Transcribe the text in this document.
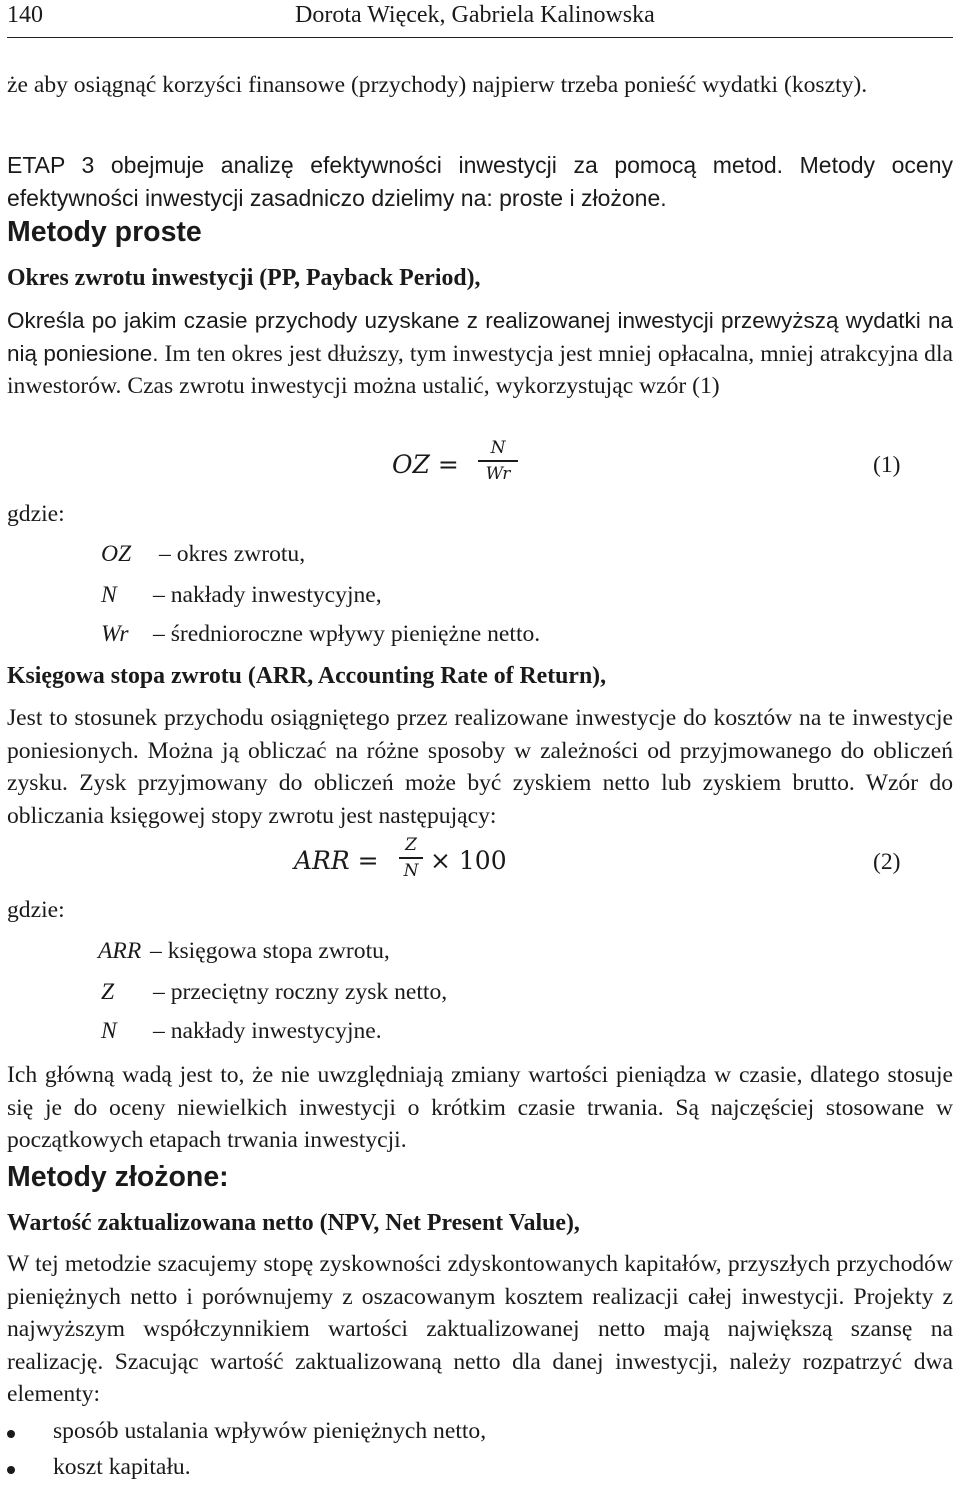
140	Dorota Więcek, Gabriela Kalinowska

że aby osiągnąć korzyści finansowe (przychody) najpierw trzeba ponieść wydatki (koszty).

ETAP 3 obejmuje analizę efektywności inwestycji za pomocą metod. Metody oceny efektywności inwestycji zasadniczo dzielimy na: proste i złożone.

Metody proste
Okres zwrotu inwestycji (PP, Payback Period),

Określa po jakim czasie przychody uzyskane z realizowanej inwestycji przewyższą wydatki na nią poniesione. Im ten okres jest dłuższy, tym inwestycja jest mniej opłacalna, mniej atrakcyjna dla inwestorów. Czas zwrotu inwestycji można ustalić, wykorzystując wzór (1)

OZ =
N
Wr	(1)
gdzie:
OZ – okres zwrotu,
N – nakłady inwestycyjne,
Wr – średnioroczne wpływy pieniężne netto.
Księgowa stopa zwrotu (ARR, Accounting Rate of Return),

Jest to stosunek przychodu osiągniętego przez realizowane inwestycje do kosztów na te inwestycje poniesionych. Można ją obliczać na różne sposoby w zależności od przyjmowanego do obliczeń zysku. Zysk przyjmowany do obliczeń może być zyskiem netto lub zyskiem brutto. Wzór do obliczania księgowej stopy zwrotu jest następujący:

ARR =
Z
N × 100	(2)
gdzie:
ARR – księgowa stopa zwrotu,
Z – przeciętny roczny zysk netto,
N – nakłady inwestycyjne.

Ich główną wadą jest to, że nie uwzględniają zmiany wartości pieniądza w czasie, dlatego stosuje się je do oceny niewielkich inwestycji o krótkim czasie trwania. Są najczęściej stosowane w początkowych etapach trwania inwestycji.

Metody złożone:
Wartość zaktualizowana netto (NPV, Net Present Value),

W tej metodzie szacujemy stopę zyskowności zdyskontowanych kapitałów, przyszłych przychodów pieniężnych netto i porównujemy z oszacowanym kosztem realizacji całej inwestycji. Projekty z najwyższym współczynnikiem wartości zaktualizowanej netto mają największą szansę na realizację. Szacując wartość zaktualizowaną netto dla danej inwestycji, należy rozpatrzyć dwa elementy:

sposób ustalania wpływów pieniężnych netto,
koszt kapitału.
